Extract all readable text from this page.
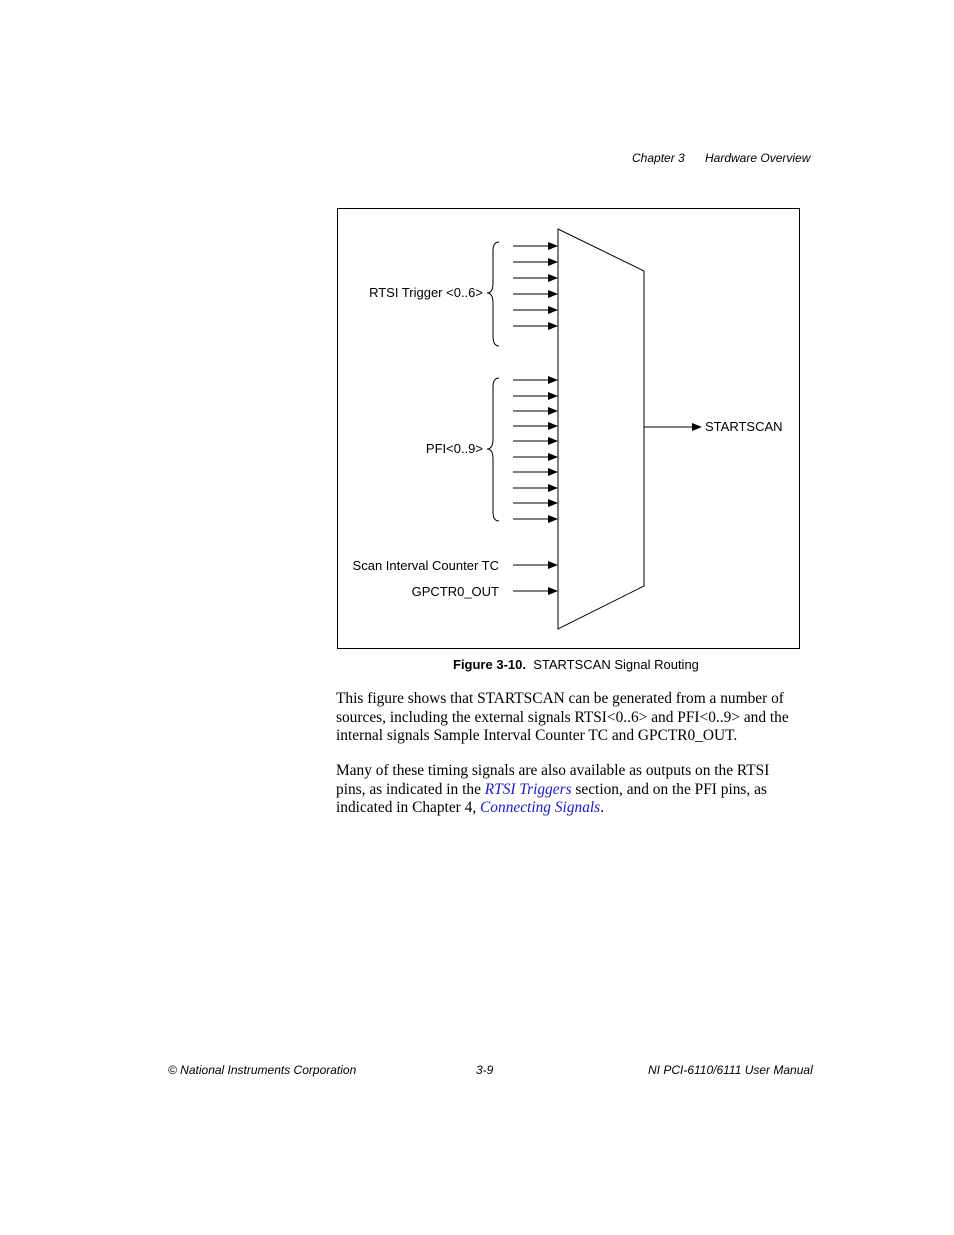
Chapter 3 Hardware Overview
RTSI Trigger <0..6>
PFI<0..9>
Scan Interval Counter TC
GPCTR0_OUT
STARTSCAN
Figure 3-10. STARTSCAN Signal Routing

This figure shows that STARTSCAN can be generated from a number of sources, including the external signals RTSI<0..6> and PFI<0..9> and the internal signals Sample Interval Counter TC and GPCTR0_OUT.

Many of these timing signals are also available as outputs on the RTSI pins, as indicated in the RTSI Triggers section, and on the PFI pins, as indicated in Chapter 4, Connecting Signals.

© National Instruments Corporation	3-9	NI PCI-6110/6111 User Manual
